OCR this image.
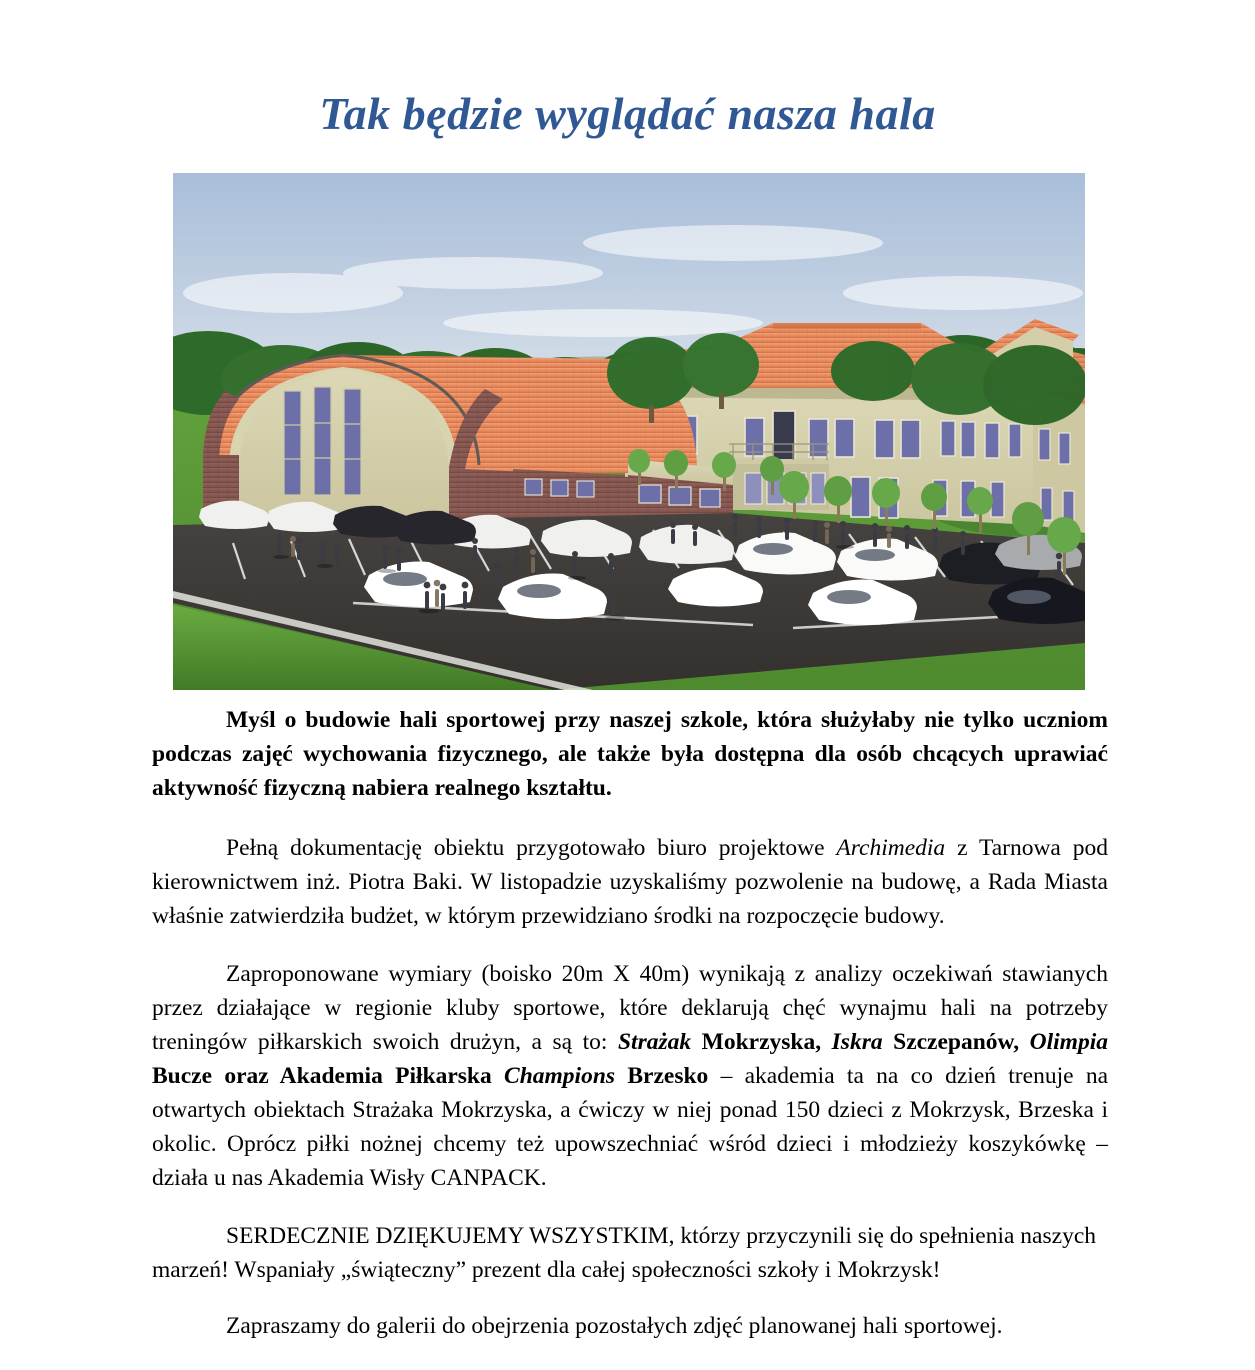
Tak będzie wyglądać nasza hala

Myśl o budowie hali sportowej przy naszej szkole, która służyłaby nie tylko uczniom podczas zajęć wychowania fizycznego, ale także była dostępna dla osób chcących uprawiać aktywność fizyczną nabiera realnego kształtu.

Pełną dokumentację obiektu przygotowało biuro projektowe Archimedia z Tarnowa pod kierownictwem inż. Piotra Baki. W listopadzie uzyskaliśmy pozwolenie na budowę, a Rada Miasta właśnie zatwierdziła budżet, w którym przewidziano środki na rozpoczęcie budowy.

Zaproponowane wymiary (boisko 20m X 40m) wynikają z analizy oczekiwań stawianych przez działające w regionie kluby sportowe, które deklarują chęć wynajmu hali na potrzeby treningów piłkarskich swoich drużyn, a są to: Strażak Mokrzyska, Iskra Szczepanów, Olimpia Bucze oraz Akademia Piłkarska Champions Brzesko – akademia ta na co dzień trenuje na otwartych obiektach Strażaka Mokrzyska, a ćwiczy w niej ponad 150 dzieci z Mokrzysk, Brzeska i okolic. Oprócz piłki nożnej chcemy też upowszechniać wśród dzieci i młodzieży koszykówkę – działa u nas Akademia Wisły CANPACK.

SERDECZNIE DZIĘKUJEMY WSZYSTKIM, którzy przyczynili się do spełnienia naszych marzeń! Wspaniały „świąteczny” prezent dla całej społeczności szkoły i Mokrzysk!

Zapraszamy do galerii do obejrzenia pozostałych zdjęć planowanej hali sportowej.
